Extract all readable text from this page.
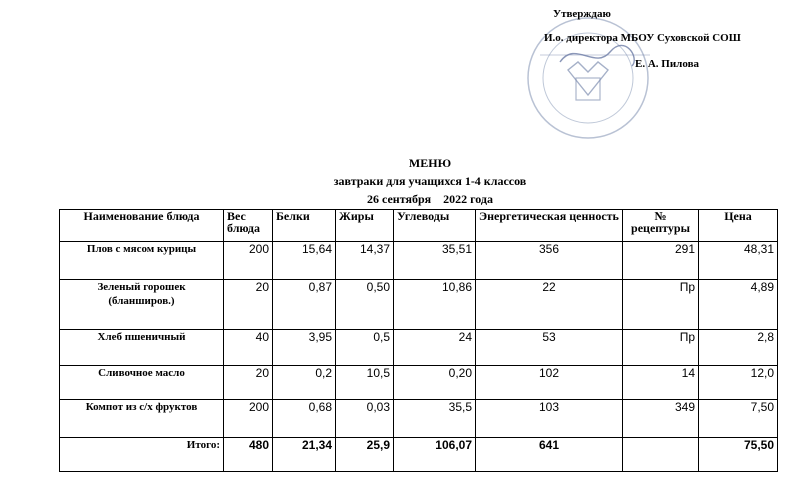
Утверждаю
И.о. директора МБОУ Суховской СОШ
Е. А. Пилова
МЕНЮ
завтраки для учащихся 1-4 классов
26 сентября    2022 года
Наименование блюда	Вес блюда	Белки	Жиры	Углеводы	Энергетическая ценность	№ рецептуры	Цена
Плов с мясом курицы	200	15,64	14,37	35,51	356	291	48,31
Зеленый горошек (бланширов.)	20	0,87	0,50	10,86	22	Пр	4,89
Хлеб пшеничный	40	3,95	0,5	24	53	Пр	2,8
Сливочное масло	20	0,2	10,5	0,20	102	14	12,0
Компот из с/х фруктов	200	0,68	0,03	35,5	103	349	7,50
Итого:	480	21,34	25,9	106,07	641		75,50
